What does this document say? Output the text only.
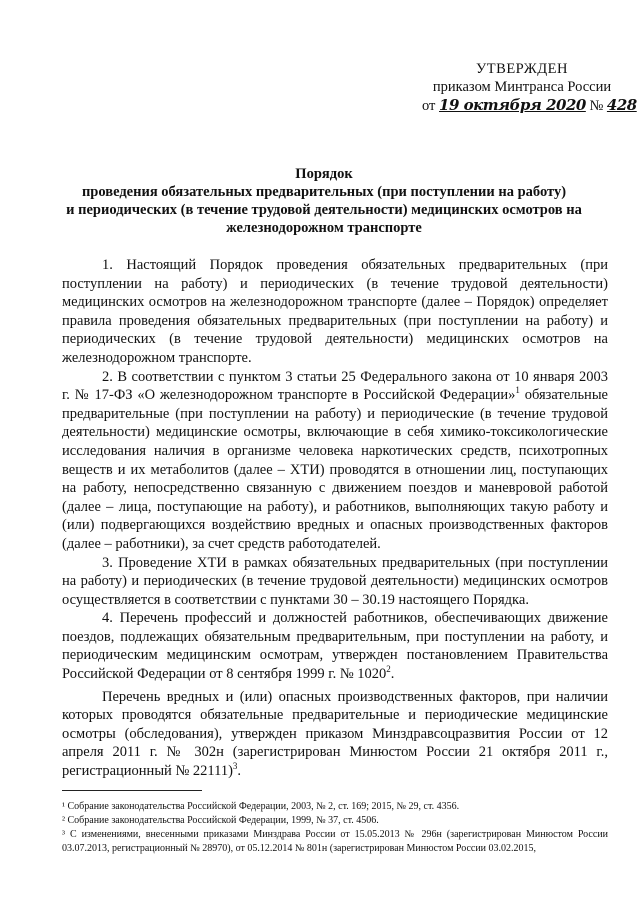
УТВЕРЖДЕН
приказом Минтранса России
от 19 октября 2020 № 428
Порядок
проведения обязательных предварительных (при поступлении на работу)
и периодических (в течение трудовой деятельности) медицинских осмотров на
железнодорожном транспорте

1. Настоящий Порядок проведения обязательных предварительных (при поступлении на работу) и периодических (в течение трудовой деятельности) медицинских осмотров на железнодорожном транспорте (далее – Порядок) определяет правила проведения обязательных предварительных (при поступлении на работу) и периодических (в течение трудовой деятельности) медицинских осмотров на железнодорожном транспорте.

2. В соответствии с пунктом 3 статьи 25 Федерального закона от 10 января 2003 г. № 17-ФЗ «О железнодорожном транспорте в Российской Федерации»$^1$ обязательные предварительные (при поступлении на работу) и периодические (в течение трудовой деятельности) медицинские осмотры, включающие в себя химико-токсикологические исследования наличия в организме человека наркотических средств, психотропных веществ и их метаболитов (далее – ХТИ) проводятся в отношении лиц, поступающих на работу, непосредственно связанную с движением поездов и маневровой работой (далее – лица, поступающие на работу), и работников, выполняющих такую работу и (или) подвергающихся воздействию вредных и опасных производственных факторов (далее – работники), за счет средств работодателей.

3. Проведение ХТИ в рамках обязательных предварительных (при поступлении на работу) и периодических (в течение трудовой деятельности) медицинских осмотров осуществляется в соответствии с пунктами 30 – 30.19 настоящего Порядка.

4. Перечень профессий и должностей работников, обеспечивающих движение поездов, подлежащих обязательным предварительным, при поступлении на работу, и периодическим медицинским осмотрам, утвержден постановлением Правительства Российской Федерации от 8 сентября 1999 г. № 1020$^2$.

Перечень вредных и (или) опасных производственных факторов, при наличии которых проводятся обязательные предварительные и периодические медицинские осмотры (обследования), утвержден приказом Минздравсоцразвития России от 12 апреля 2011 г. № 302н (зарегистрирован Минюстом России 21 октября 2011 г., регистрационный № 22111)$^3$.

¹ Собрание законодательства Российской Федерации, 2003, № 2, ст. 169; 2015, № 29, ст. 4356.

² Собрание законодательства Российской Федерации, 1999, № 37, ст. 4506.

³ С изменениями, внесенными приказами Минздрава России от 15.05.2013 № 296н (зарегистрирован Минюстом России 03.07.2013, регистрационный № 28970), от 05.12.2014 № 801н (зарегистрирован Минюстом России 03.02.2015,
